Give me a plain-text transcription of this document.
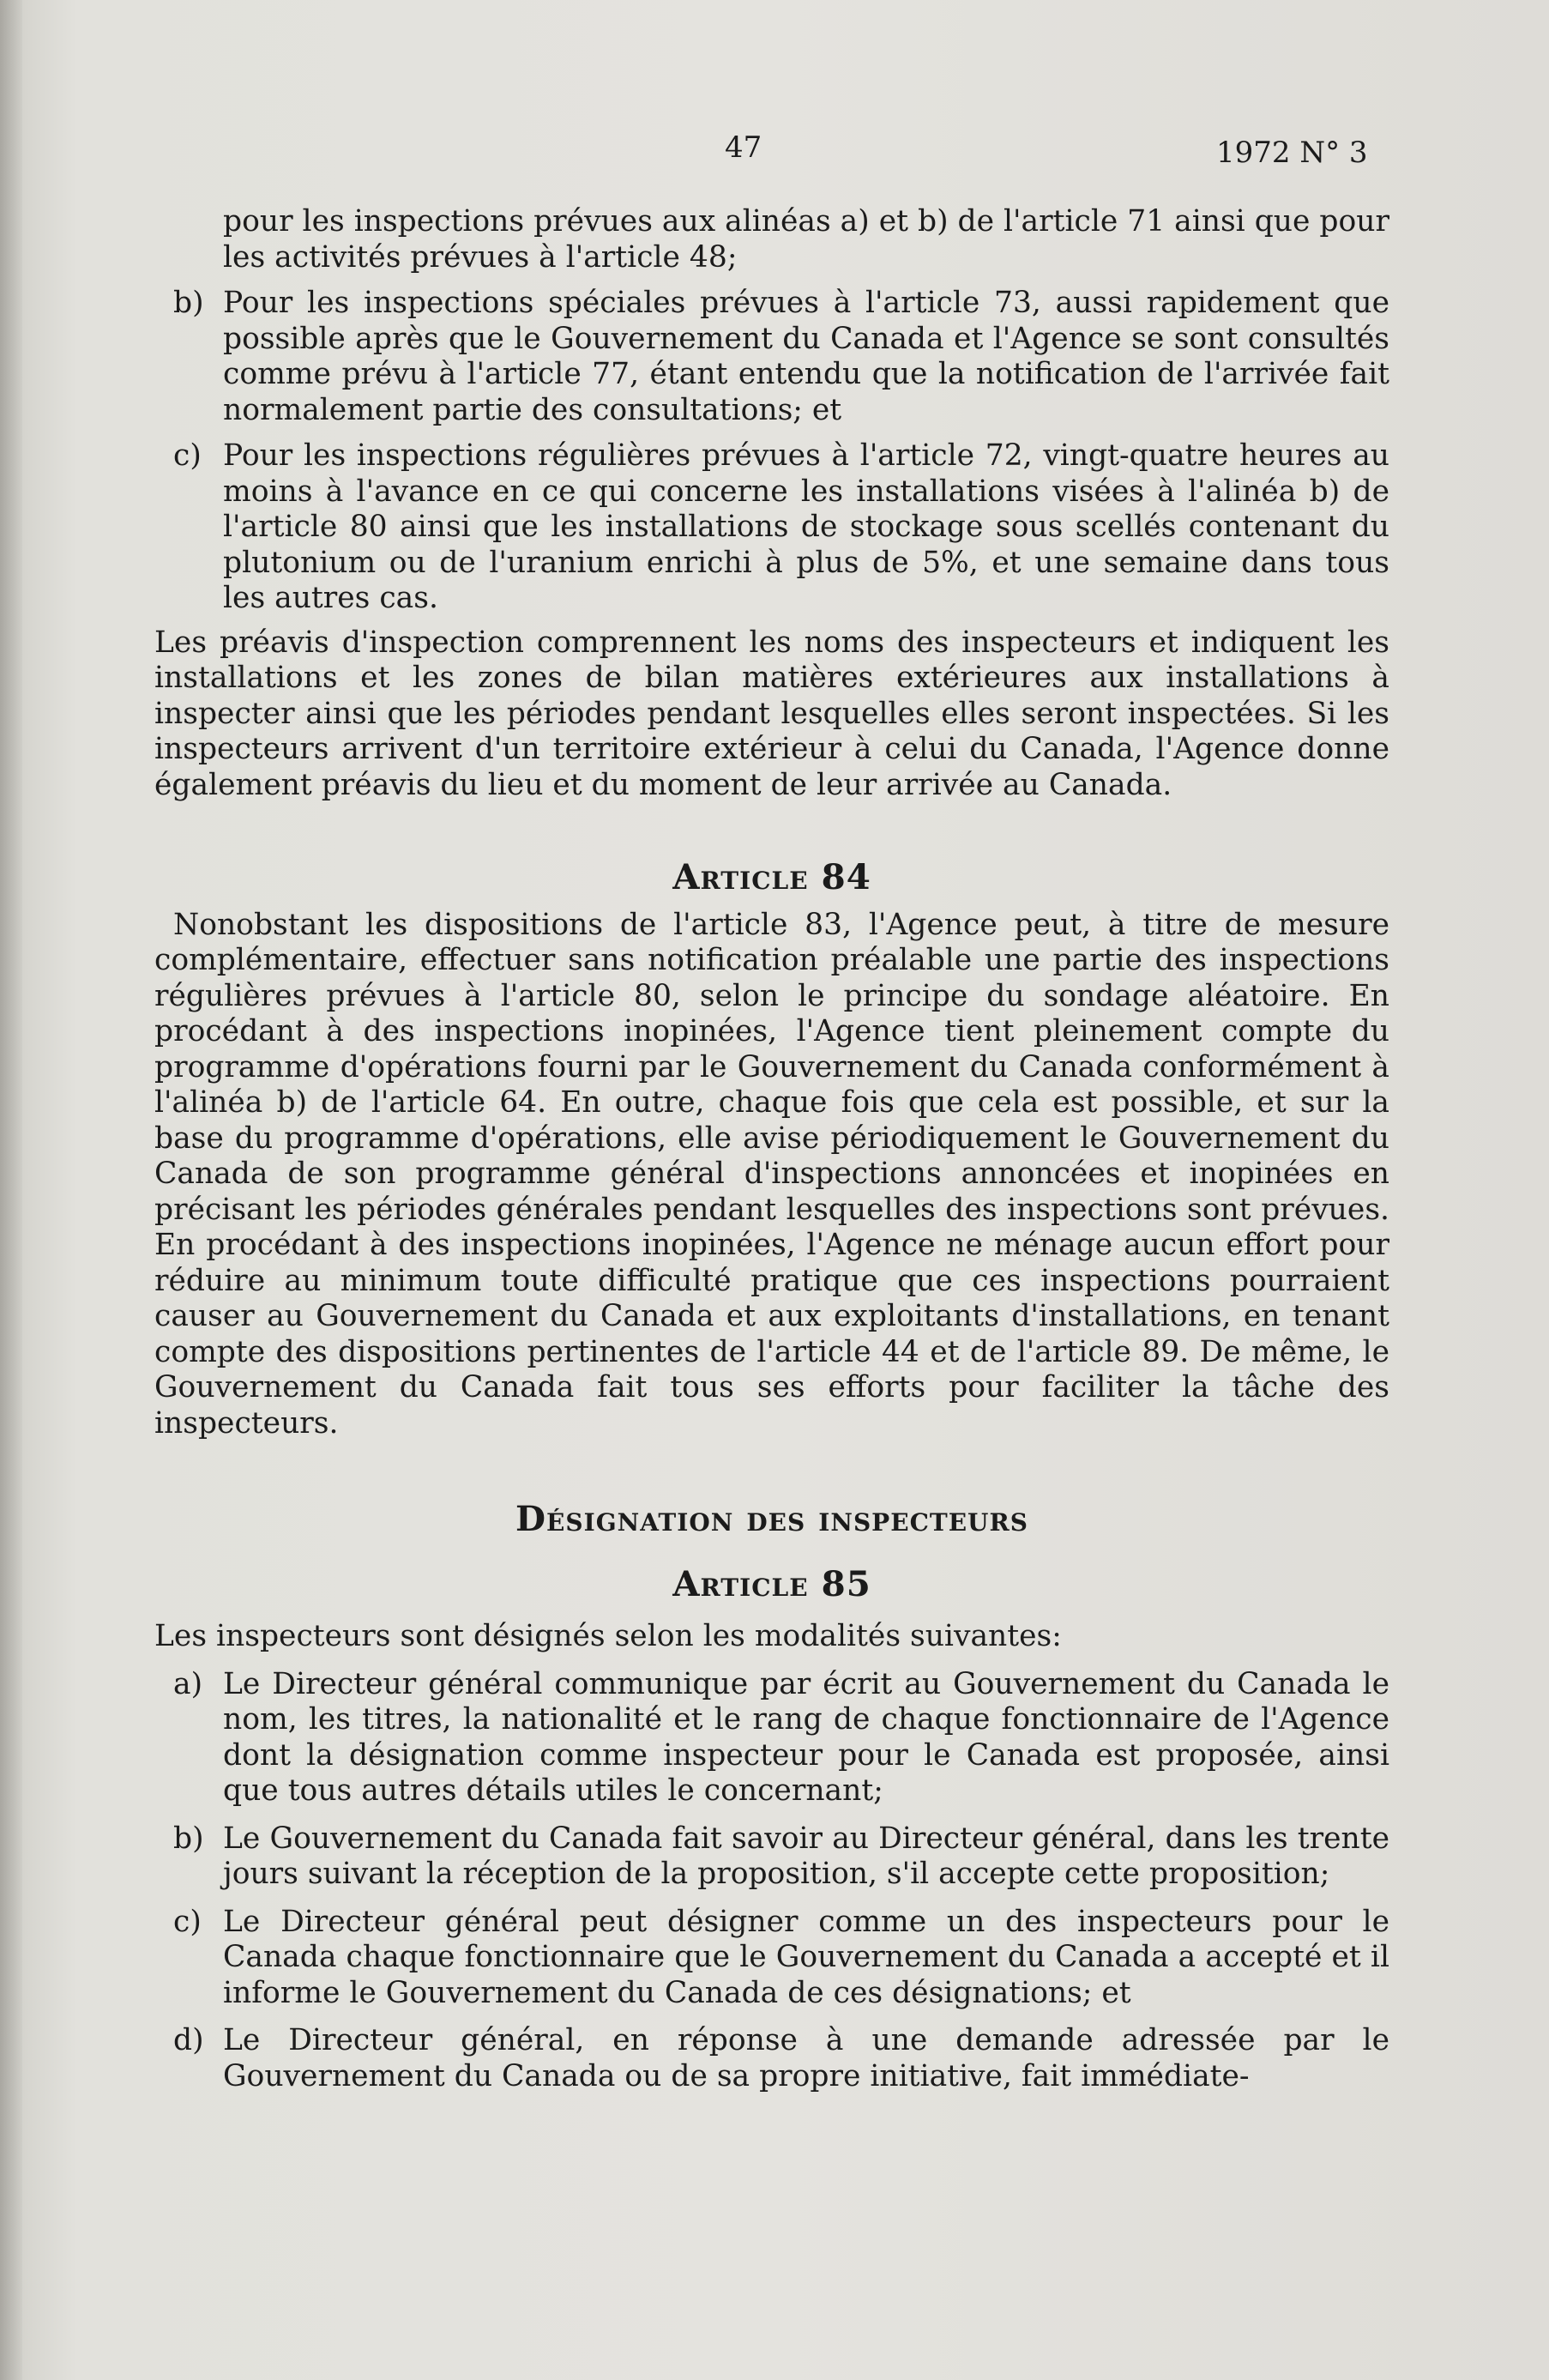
47	1972 N° 3

pour les inspections prévues aux alinéas a) et b) de l'article 71 ainsi que pour les activités prévues à l'article 48;

b) Pour les inspections spéciales prévues à l'article 73, aussi rapidement que possible après que le Gouvernement du Canada et l'Agence se sont consultés comme prévu à l'article 77, étant entendu que la notification de l'arrivée fait normalement partie des consultations; et
c) Pour les inspections régulières prévues à l'article 72, vingt-quatre heures au moins à l'avance en ce qui concerne les installations visées à l'alinéa b) de l'article 80 ainsi que les installations de stockage sous scellés contenant du plutonium ou de l'uranium enrichi à plus de 5%, et une semaine dans tous les autres cas.

Les préavis d'inspection comprennent les noms des inspecteurs et indiquent les installations et les zones de bilan matières extérieures aux installations à inspecter ainsi que les périodes pendant lesquelles elles seront inspectées. Si les inspecteurs arrivent d'un territoire extérieur à celui du Canada, l'Agence donne également préavis du lieu et du moment de leur arrivée au Canada.

Article 84

Nonobstant les dispositions de l'article 83, l'Agence peut, à titre de mesure complémentaire, effectuer sans notification préalable une partie des inspections régulières prévues à l'article 80, selon le principe du sondage aléatoire. En procédant à des inspections inopinées, l'Agence tient pleinement compte du programme d'opérations fourni par le Gouvernement du Canada conformément à l'alinéa b) de l'article 64. En outre, chaque fois que cela est possible, et sur la base du programme d'opérations, elle avise périodiquement le Gouvernement du Canada de son programme général d'inspections annoncées et inopinées en précisant les périodes générales pendant lesquelles des inspections sont prévues. En procédant à des inspections inopinées, l'Agence ne ménage aucun effort pour réduire au minimum toute difficulté pratique que ces inspections pourraient causer au Gouvernement du Canada et aux exploitants d'installations, en tenant compte des dispositions pertinentes de l'article 44 et de l'article 89. De même, le Gouvernement du Canada fait tous ses efforts pour faciliter la tâche des inspecteurs.

Désignation des inspecteurs
Article 85

Les inspecteurs sont désignés selon les modalités suivantes:

a) Le Directeur général communique par écrit au Gouvernement du Canada le nom, les titres, la nationalité et le rang de chaque fonctionnaire de l'Agence dont la désignation comme inspecteur pour le Canada est proposée, ainsi que tous autres détails utiles le concernant;
b) Le Gouvernement du Canada fait savoir au Directeur général, dans les trente jours suivant la réception de la proposition, s'il accepte cette proposition;
c) Le Directeur général peut désigner comme un des inspecteurs pour le Canada chaque fonctionnaire que le Gouvernement du Canada a accepté et il informe le Gouvernement du Canada de ces désignations; et
d) Le Directeur général, en réponse à une demande adressée par le Gouvernement du Canada ou de sa propre initiative, fait immédiate-
